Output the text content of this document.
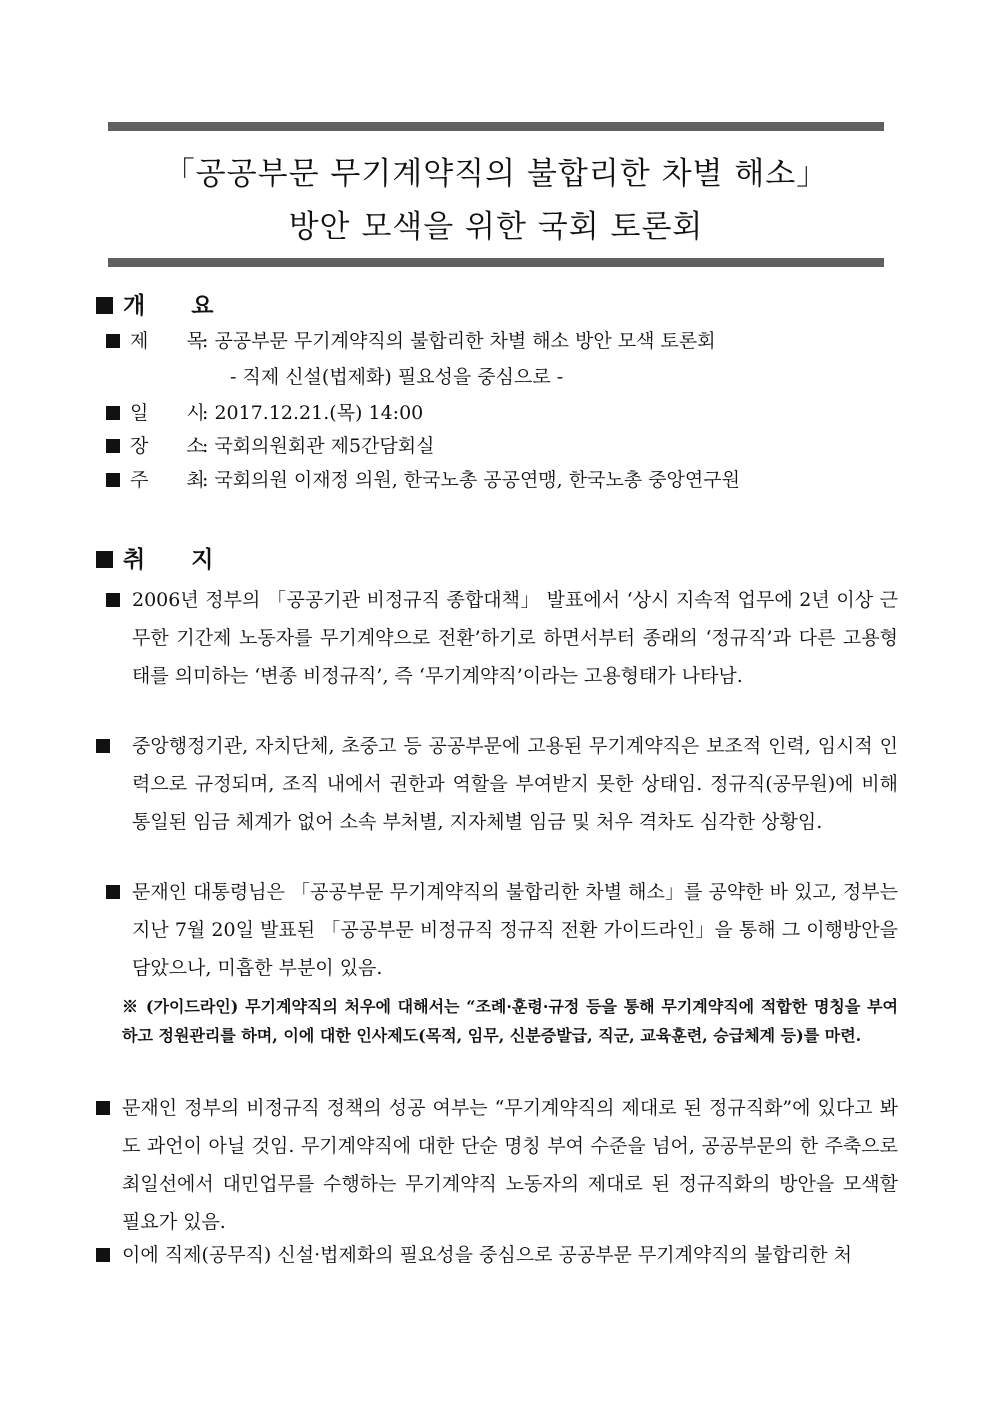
「공공부문 무기계약직의 불합리한 차별 해소」
방안 모색을 위한 국회 토론회
개　　요
제　　목: 공공부문 무기계약직의 불합리한 차별 해소 방안 모색 토론회
- 직제 신설(법제화) 필요성을 중심으로 -
일　　시: 2017.12.21.(목) 14:00
장　　소: 국회의원회관 제5간담회실
주　　최: 국회의원 이재정 의원, 한국노총 공공연맹, 한국노총 중앙연구원
취　　지
2006년 정부의 「공공기관 비정규직 종합대책」 발표에서 ‘상시 지속적 업무에 2년 이상 근무한 기간제 노동자를 무기계약으로 전환’하기로 하면서부터 종래의 ‘정규직’과 다른 고용형태를 의미하는 ‘변종 비정규직’, 즉 ‘무기계약직’이라는 고용형태가 나타남.
중앙행정기관, 자치단체, 초중고 등 공공부문에 고용된 무기계약직은 보조적 인력, 임시적 인력으로 규정되며, 조직 내에서 권한과 역할을 부여받지 못한 상태임. 정규직(공무원)에 비해 통일된 임금 체계가 없어 소속 부처별, 지자체별 임금 및 처우 격차도 심각한 상황임.
문재인 대통령님은 「공공부문 무기계약직의 불합리한 차별 해소」를 공약한 바 있고, 정부는 지난 7월 20일 발표된 「공공부문 비정규직 정규직 전환 가이드라인」을 통해 그 이행방안을 담았으나, 미흡한 부분이 있음.
※ (가이드라인) 무기계약직의 처우에 대해서는 “조례·훈령·규정 등을 통해 무기계약직에 적합한 명칭을 부여하고 정원관리를 하며, 이에 대한 인사제도(목적, 임무, 신분증발급, 직군, 교육훈련, 승급체계 등)를 마련.
문재인 정부의 비정규직 정책의 성공 여부는 “무기계약직의 제대로 된 정규직화”에 있다고 봐도 과언이 아닐 것임. 무기계약직에 대한 단순 명칭 부여 수준을 넘어, 공공부문의 한 주축으로 최일선에서 대민업무를 수행하는 무기계약직 노동자의 제대로 된 정규직화의 방안을 모색할 필요가 있음.
이에 직제(공무직) 신설·법제화의 필요성을 중심으로 공공부문 무기계약직의 불합리한 처
